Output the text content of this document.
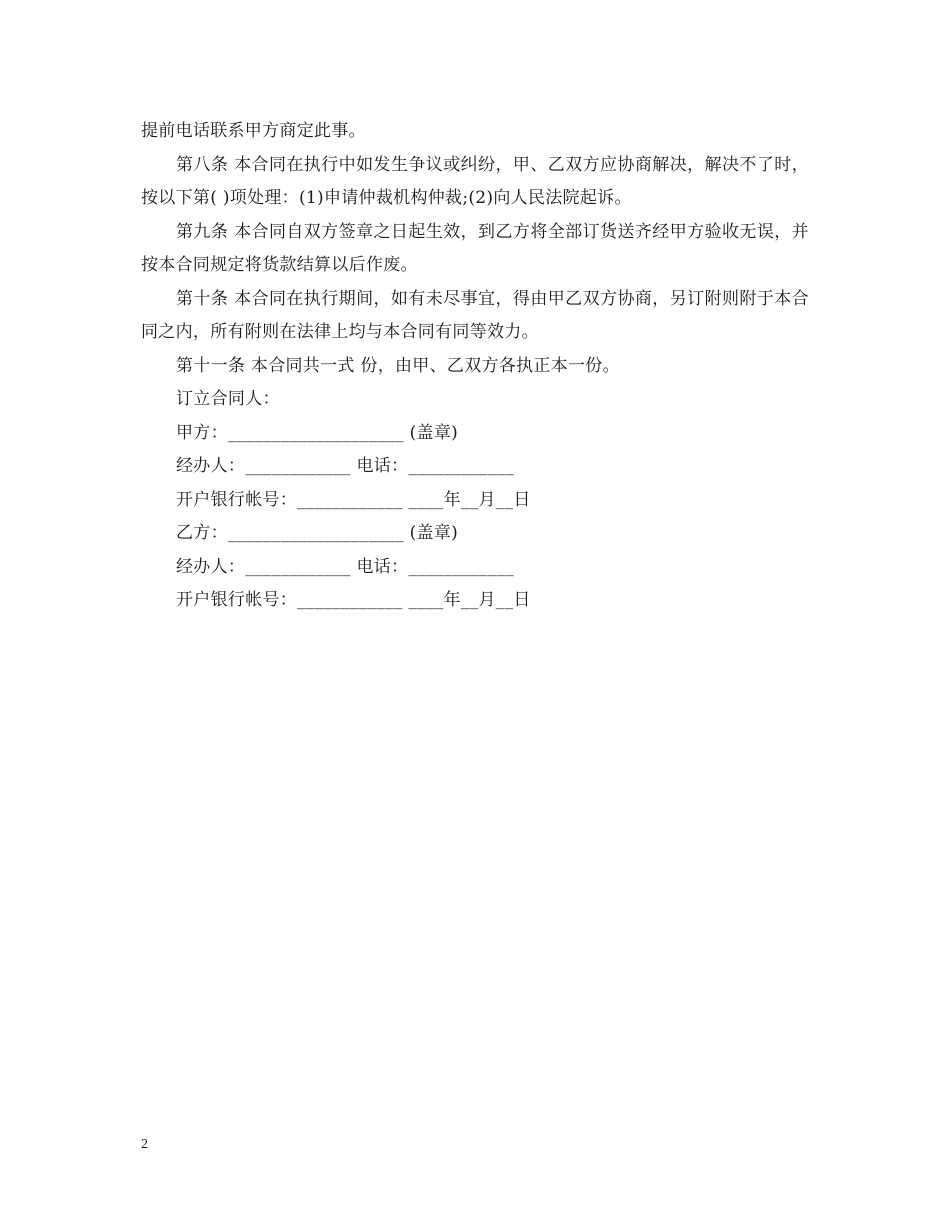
提前电话联系甲方商定此事。

第八条 本合同在执行中如发生争议或纠纷，甲、乙双方应协商解决，解决不了时，按以下第( )项处理：(1)申请仲裁机构仲裁;(2)向人民法院起诉。

第九条 本合同自双方签章之日起生效，到乙方将全部订货送齐经甲方验收无误，并按本合同规定将货款结算以后作废。

第十条 本合同在执行期间，如有未尽事宜，得由甲乙双方协商，另订附则附于本合同之内，所有附则在法律上均与本合同有同等效力。

第十一条 本合同共一式 份，由甲、乙双方各执正本一份。

订立合同人：
甲方：____________________ (盖章)
经办人：____________ 电话：____________
开户银行帐号：____________ ____年__月__日
乙方：____________________ (盖章)
经办人：____________ 电话：____________
开户银行帐号：____________ ____年__月__日
2
